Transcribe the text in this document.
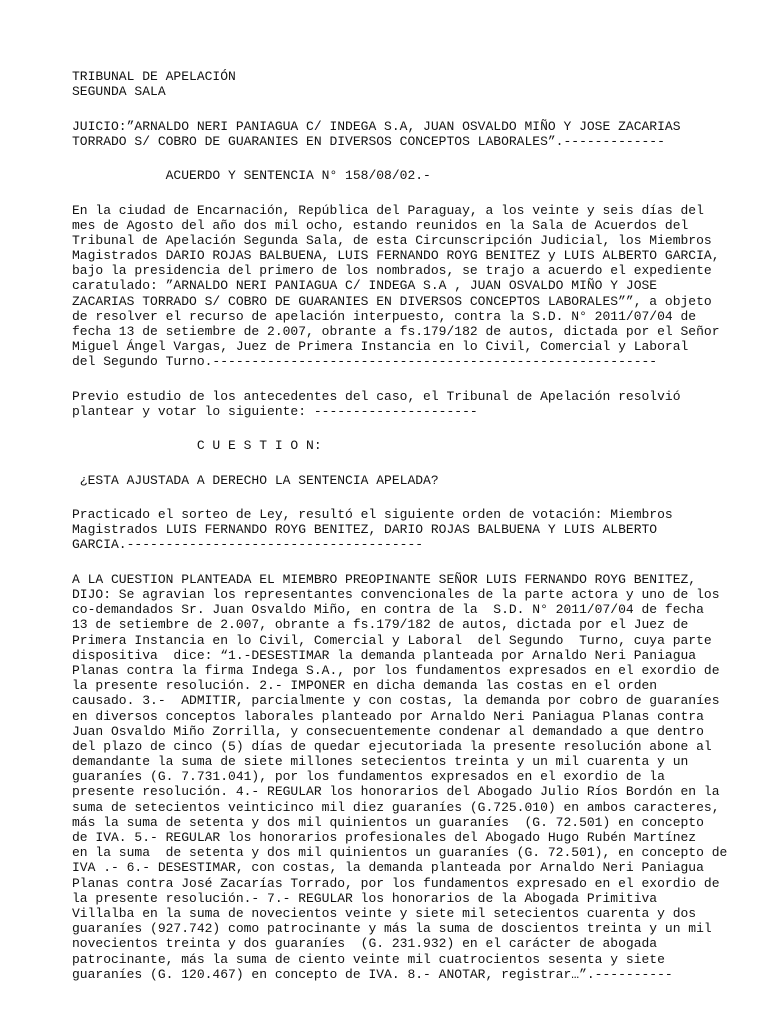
TRIBUNAL DE APELACIÓN
SEGUNDA SALA
JUICIO:”ARNALDO NERI PANIAGUA C/ INDEGA S.A, JUAN OSVALDO MIÑO Y JOSE ZACARIAS
TORRADO S/ COBRO DE GUARANIES EN DIVERSOS CONCEPTOS LABORALES”.-------------
ACUERDO Y SENTENCIA N° 158/08/02.-
En la ciudad de Encarnación, República del Paraguay, a los veinte y seis días del
mes de Agosto del año dos mil ocho, estando reunidos en la Sala de Acuerdos del
Tribunal de Apelación Segunda Sala, de esta Circunscripción Judicial, los Miembros
Magistrados DARIO ROJAS BALBUENA, LUIS FERNANDO ROYG BENITEZ y LUIS ALBERTO GARCIA,
bajo la presidencia del primero de los nombrados, se trajo a acuerdo el expediente
caratulado: ”ARNALDO NERI PANIAGUA C/ INDEGA S.A , JUAN OSVALDO MIÑO Y JOSE
ZACARIAS TORRADO S/ COBRO DE GUARANIES EN DIVERSOS CONCEPTOS LABORALES””, a objeto
de resolver el recurso de apelación interpuesto, contra la S.D. N° 2011/07/04 de
fecha 13 de setiembre de 2.007, obrante a fs.179/182 de autos, dictada por el Señor
Miguel Ángel Vargas, Juez de Primera Instancia en lo Civil, Comercial y Laboral
del Segundo Turno.---------------------------------------------------------
Previo estudio de los antecedentes del caso, el Tribunal de Apelación resolvió
plantear y votar lo siguiente: ---------------------
C U E S T I O N:
¿ESTA AJUSTADA A DERECHO LA SENTENCIA APELADA?
Practicado el sorteo de Ley, resultó el siguiente orden de votación: Miembros
Magistrados LUIS FERNANDO ROYG BENITEZ, DARIO ROJAS BALBUENA Y LUIS ALBERTO
GARCIA.--------------------------------------
A LA CUESTION PLANTEADA EL MIEMBRO PREOPINANTE SEÑOR LUIS FERNANDO ROYG BENITEZ,
DIJO: Se agravian los representantes convencionales de la parte actora y uno de los
co-demandados Sr. Juan Osvaldo Miño, en contra de la  S.D. N° 2011/07/04 de fecha
13 de setiembre de 2.007, obrante a fs.179/182 de autos, dictada por el Juez de
Primera Instancia en lo Civil, Comercial y Laboral  del Segundo  Turno, cuya parte
dispositiva  dice: “1.-DESESTIMAR la demanda planteada por Arnaldo Neri Paniagua
Planas contra la firma Indega S.A., por los fundamentos expresados en el exordio de
la presente resolución. 2.- IMPONER en dicha demanda las costas en el orden
causado. 3.-  ADMITIR, parcialmente y con costas, la demanda por cobro de guaraníes
en diversos conceptos laborales planteado por Arnaldo Neri Paniagua Planas contra
Juan Osvaldo Miño Zorrilla, y consecuentemente condenar al demandado a que dentro
del plazo de cinco (5) días de quedar ejecutoriada la presente resolución abone al
demandante la suma de siete millones setecientos treinta y un mil cuarenta y un
guaraníes (G. 7.731.041), por los fundamentos expresados en el exordio de la
presente resolución. 4.- REGULAR los honorarios del Abogado Julio Ríos Bordón en la
suma de setecientos veinticinco mil diez guaraníes (G.725.010) en ambos caracteres,
más la suma de setenta y dos mil quinientos un guaraníes  (G. 72.501) en concepto
de IVA. 5.- REGULAR los honorarios profesionales del Abogado Hugo Rubén Martínez
en la suma  de setenta y dos mil quinientos un guaraníes (G. 72.501), en concepto de
IVA .- 6.- DESESTIMAR, con costas, la demanda planteada por Arnaldo Neri Paniagua
Planas contra José Zacarías Torrado, por los fundamentos expresado en el exordio de
la presente resolución.- 7.- REGULAR los honorarios de la Abogada Primitiva
Villalba en la suma de novecientos veinte y siete mil setecientos cuarenta y dos
guaraníes (927.742) como patrocinante y más la suma de doscientos treinta y un mil
novecientos treinta y dos guaraníes  (G. 231.932) en el carácter de abogada
patrocinante, más la suma de ciento veinte mil cuatrocientos sesenta y siete
guaraníes (G. 120.467) en concepto de IVA. 8.- ANOTAR, registrar…”.----------
